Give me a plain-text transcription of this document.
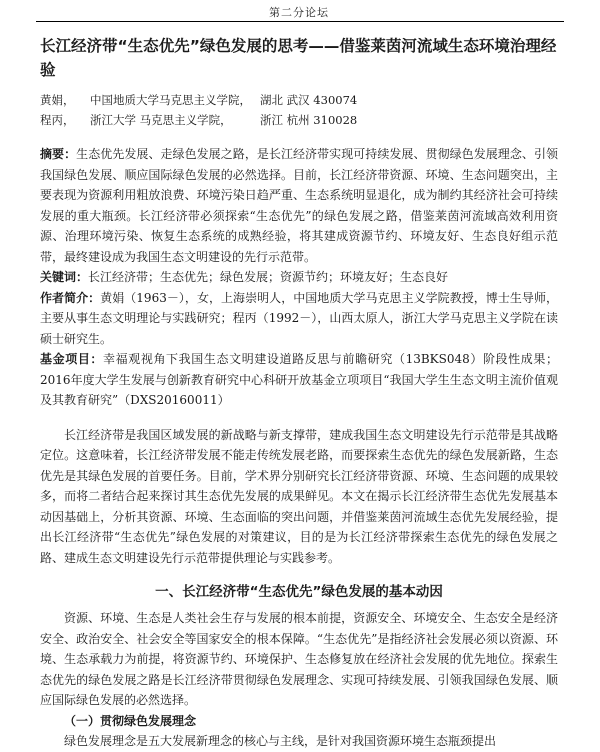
第二分论坛
长江经济带“生态优先”绿色发展的思考——借鉴莱茵河流域生态环境治理经验
黄娟，	中国地质大学马克思主义学院， 湖北 武汉 430074
程丙，	浙江大学 马克思主义学院，	浙江 杭州 310028

摘要：生态优先发展、走绿色发展之路，是长江经济带实现可持续发展、贯彻绿色发展理念、引领我国绿色发展、顺应国际绿色发展的必然选择。目前，长江经济带资源、环境、生态问题突出，主要表现为资源利用粗放浪费、环境污染日趋严重、生态系统明显退化，成为制约其经济社会可持续发展的重大瓶颈。长江经济带必须探索“生态优先”的绿色发展之路，借鉴莱茵河流域高效利用资源、治理环境污染、恢复生态系统的成熟经验，将其建成资源节约、环境友好、生态良好组示范带，最终建设成为我国生态文明建设的先行示范带。

关键词：长江经济带；生态优先；绿色发展；资源节约；环境友好；生态良好

作者简介：黄娟（1963－），女，上海崇明人，中国地质大学马克思主义学院教授，博士生导师，主要从事生态文明理论与实践研究；程丙（1992－），山西太原人，浙江大学马克思主义学院在读硕士研究生。

基金项目：幸福观视角下我国生态文明建设道路反思与前瞻研究（13BKS048）阶段性成果；2016年度大学生发展与创新教育研究中心科研开放基金立项项目“我国大学生生态文明主流价值观及其教育研究”（DXS20160011）

长江经济带是我国区域发展的新战略与新支撑带，建成我国生态文明建设先行示范带是其战略定位。这意味着，长江经济带发展不能走传统发展老路，而要探索生态优先的绿色发展新路，生态优先是其绿色发展的首要任务。目前，学术界分别研究长江经济带资源、环境、生态问题的成果较多，而将二者结合起来探讨其生态优先发展的成果鲜见。本文在揭示长江经济带生态优先发展基本动因基础上，分析其资源、环境、生态面临的突出问题，并借鉴莱茵河流域生态优先发展经验，提出长江经济带“生态优先”绿色发展的对策建议，目的是为长江经济带探索生态优先的绿色发展之路、建成生态文明建设先行示范带提供理论与实践参考。

一、长江经济带“生态优先”绿色发展的基本动因

资源、环境、生态是人类社会生存与发展的根本前提，资源安全、环境安全、生态安全是经济安全、政治安全、社会安全等国家安全的根本保障。“生态优先”是指经济社会发展必须以资源、环境、生态承载力为前提，将资源节约、环境保护、生态修复放在经济社会发展的优先地位。探索生态优先的绿色发展之路是长江经济带贯彻绿色发展理念、实现可持续发展、引领我国绿色发展、顺应国际绿色发展的必然选择。

（一）贯彻绿色发展理念

绿色发展理念是五大发展新理念的核心与主线，是针对我国资源环境生态瓶颈提出
